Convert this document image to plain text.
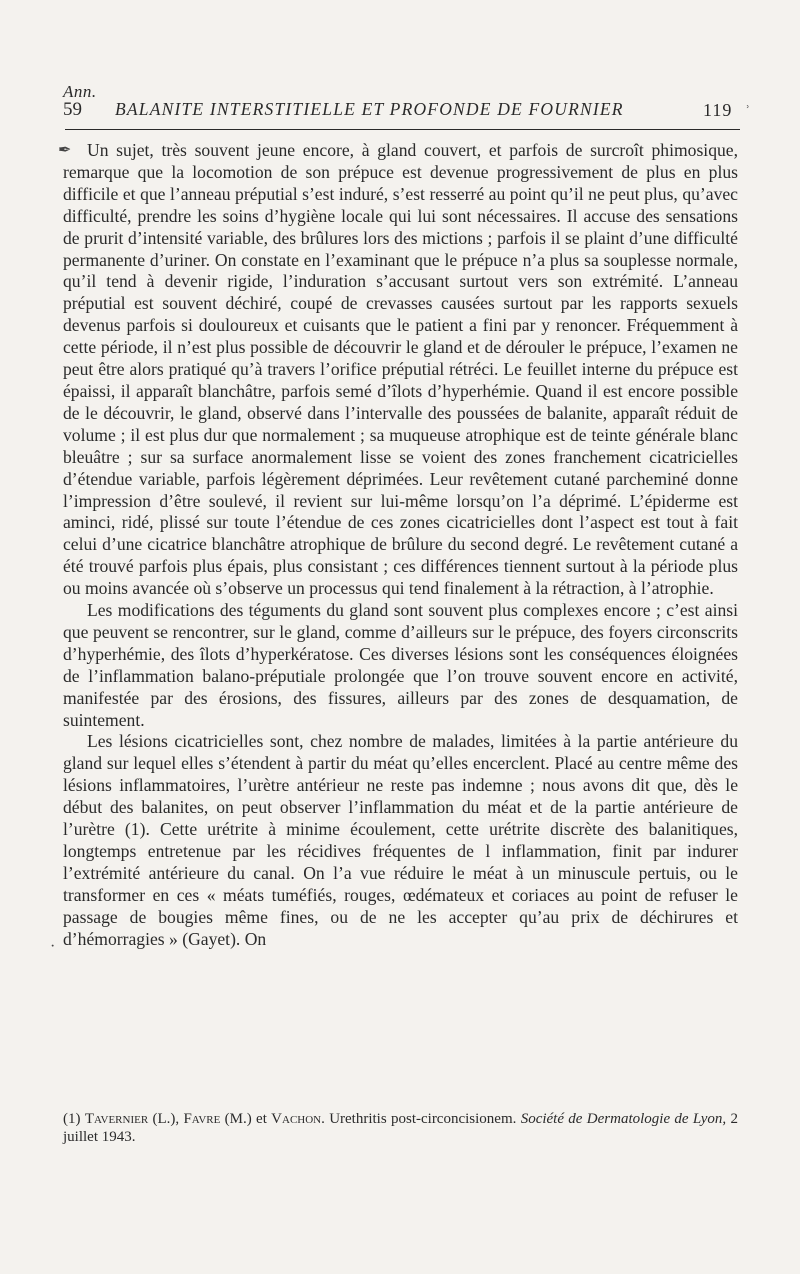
Ann.
59 BALANITE INTERSTITIELLE ET PROFONDE DE FOURNIER	119 ˒
✒
·

Un sujet, très souvent jeune encore, à gland couvert, et parfois de surcroît phimosique, remarque que la locomotion de son prépuce est devenue progressivement de plus en plus difficile et que l’anneau préputial s’est induré, s’est resserré au point qu’il ne peut plus, qu’avec difficulté, prendre les soins d’hygiène locale qui lui sont nécessaires. Il accuse des sensations de prurit d’intensité variable, des brûlures lors des mictions ; parfois il se plaint d’une difficulté permanente d’uriner. On constate en l’examinant que le prépuce n’a plus sa souplesse normale, qu’il tend à devenir rigide, l’induration s’accusant surtout vers son extrémité. L’anneau préputial est souvent déchiré, coupé de crevasses causées surtout par les rapports sexuels devenus parfois si douloureux et cuisants que le patient a fini par y renoncer. Fréquemment à cette période, il n’est plus possible de découvrir le gland et de dérouler le prépuce, l’examen ne peut être alors pratiqué qu’à travers l’orifice préputial rétréci. Le feuillet interne du prépuce est épaissi, il apparaît blanchâtre, parfois semé d’îlots d’hyperhémie. Quand il est encore possible de le découvrir, le gland, observé dans l’intervalle des poussées de balanite, apparaît réduit de volume ; il est plus dur que normalement ; sa muqueuse atrophique est de teinte générale blanc bleuâtre ; sur sa surface anormalement lisse se voient des zones franchement cicatricielles d’étendue variable, parfois légèrement déprimées. Leur revêtement cutané parcheminé donne l’impression d’être soulevé, il revient sur lui-même lorsqu’on l’a déprimé. L’épiderme est aminci, ridé, plissé sur toute l’étendue de ces zones cicatricielles dont l’aspect est tout à fait celui d’une cicatrice blanchâtre atrophique de brûlure du second degré. Le revêtement cutané a été trouvé parfois plus épais, plus consistant ; ces différences tiennent surtout à la période plus ou moins avancée où s’observe un processus qui tend finalement à la rétraction, à l’atrophie.

Les modifications des téguments du gland sont souvent plus complexes encore ; c’est ainsi que peuvent se rencontrer, sur le gland, comme d’ailleurs sur le prépuce, des foyers circonscrits d’hyperhémie, des îlots d’hyperkératose. Ces diverses lésions sont les conséquences éloignées de l’inflammation balano-préputiale prolongée que l’on trouve souvent encore en activité, manifestée par des érosions, des fissures, ailleurs par des zones de desquamation, de suintement.

Les lésions cicatricielles sont, chez nombre de malades, limitées à la partie antérieure du gland sur lequel elles s’étendent à partir du méat qu’elles encerclent. Placé au centre même des lésions inflammatoires, l’urètre antérieur ne reste pas indemne ; nous avons dit que, dès le début des balanites, on peut observer l’inflammation du méat et de la partie antérieure de l’urètre (1). Cette urétrite à minime écoulement, cette urétrite discrète des balanitiques, longtemps entretenue par les récidives fréquentes de l inflammation, finit par indurer l’extrémité antérieure du canal. On l’a vue réduire le méat à un minuscule pertuis, ou le transformer en ces « méats tuméfiés, rouges, œdémateux et coriaces au point de refuser le passage de bougies même fines, ou de ne les accepter qu’au prix de déchirures et d’hémorragies » (Gayet). On

(1) Tavernier (L.), Favre (M.) et Vachon. Urethritis post-circoncisionem. Société de Dermatologie de Lyon, 2 juillet 1943.
